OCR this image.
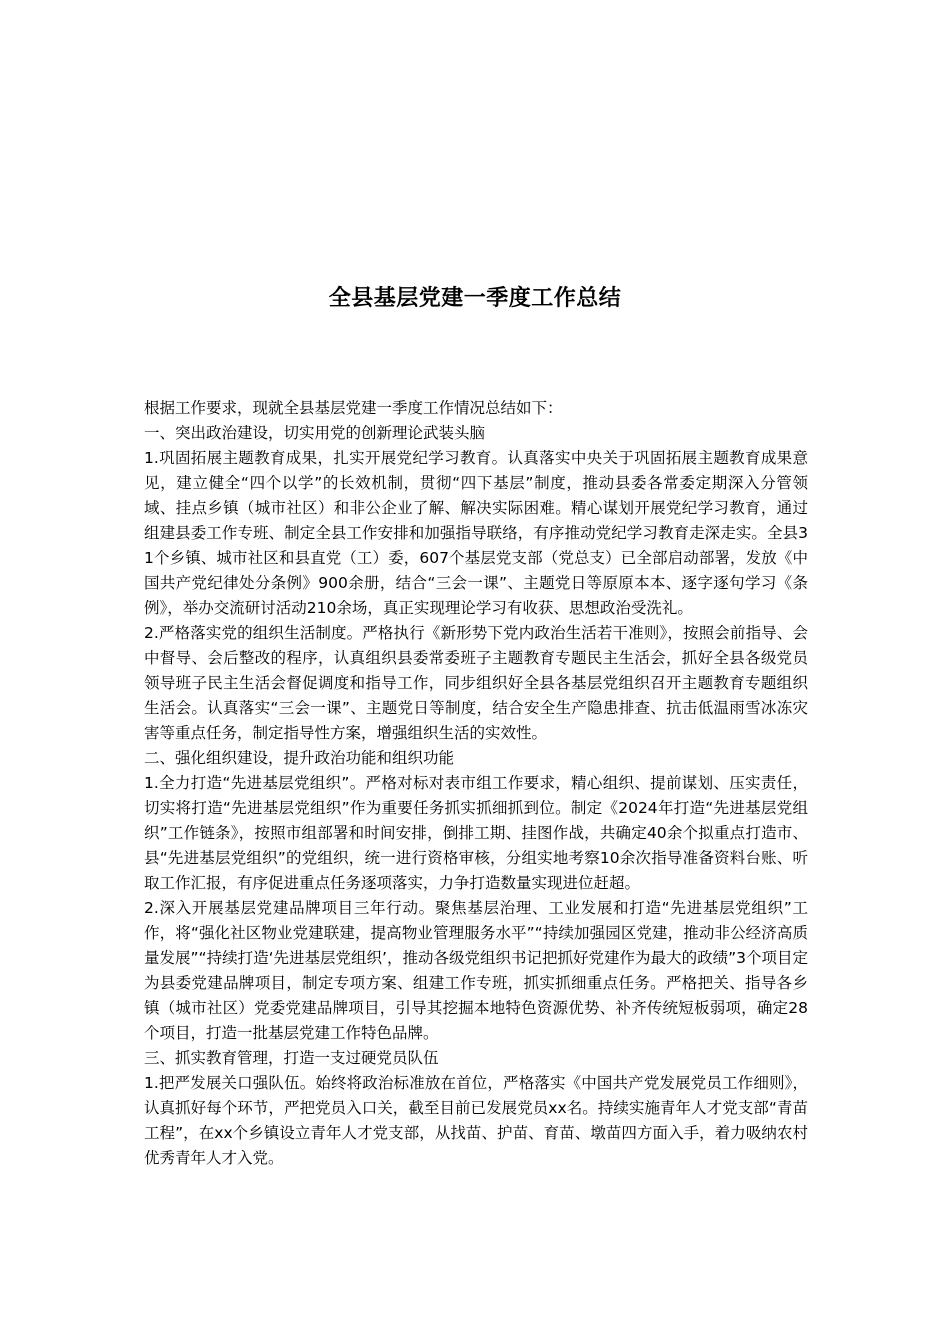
全县基层党建一季度工作总结

根据工作要求，现就全县基层党建一季度工作情况总结如下：

一、突出政治建设，切实用党的创新理论武装头脑

1.巩固拓展主题教育成果，扎实开展党纪学习教育。认真落实中央关于巩固拓展主题教育成果意见，建立健全“四个以学”的长效机制，贯彻“四下基层”制度，推动县委各常委定期深入分管领域、挂点乡镇（城市社区）和非公企业了解、解决实际困难。精心谋划开展党纪学习教育，通过组建县委工作专班、制定全县工作安排和加强指导联络，有序推动党纪学习教育走深走实。全县31个乡镇、城市社区和县直党（工）委，607个基层党支部（党总支）已全部启动部署，发放《中国共产党纪律处分条例》900余册，结合“三会一课”、主题党日等原原本本、逐字逐句学习《条例》，举办交流研讨活动210余场，真正实现理论学习有收获、思想政治受洗礼。

2.严格落实党的组织生活制度。严格执行《新形势下党内政治生活若干准则》，按照会前指导、会中督导、会后整改的程序，认真组织县委常委班子主题教育专题民主生活会，抓好全县各级党员领导班子民主生活会督促调度和指导工作，同步组织好全县各基层党组织召开主题教育专题组织生活会。认真落实“三会一课”、主题党日等制度，结合安全生产隐患排查、抗击低温雨雪冰冻灾害等重点任务，制定指导性方案，增强组织生活的实效性。

二、强化组织建设，提升政治功能和组织功能

1.全力打造“先进基层党组织”。严格对标对表市组工作要求，精心组织、提前谋划、压实责任，切实将打造“先进基层党组织”作为重要任务抓实抓细抓到位。制定《2024年打造“先进基层党组织”工作链条》，按照市组部署和时间安排，倒排工期、挂图作战，共确定40余个拟重点打造市、县“先进基层党组织”的党组织，统一进行资格审核，分组实地考察10余次指导准备资料台账、听取工作汇报，有序促进重点任务逐项落实，力争打造数量实现进位赶超。

2.深入开展基层党建品牌项目三年行动。聚焦基层治理、工业发展和打造“先进基层党组织”工作，将“强化社区物业党建联建，提高物业管理服务水平”“持续加强园区党建，推动非公经济高质量发展”“持续打造‘先进基层党组织’，推动各级党组织书记把抓好党建作为最大的政绩”3个项目定为县委党建品牌项目，制定专项方案、组建工作专班，抓实抓细重点任务。严格把关、指导各乡镇（城市社区）党委党建品牌项目，引导其挖掘本地特色资源优势、补齐传统短板弱项，确定28个项目，打造一批基层党建工作特色品牌。

三、抓实教育管理，打造一支过硬党员队伍

1.把严发展关口强队伍。始终将政治标准放在首位，严格落实《中国共产党发展党员工作细则》，认真抓好每个环节，严把党员入口关，截至目前已发展党员xx名。持续实施青年人才党支部“青苗工程”，在xx个乡镇设立青年人才党支部，从找苗、护苗、育苗、墩苗四方面入手，着力吸纳农村优秀青年人才入党。
